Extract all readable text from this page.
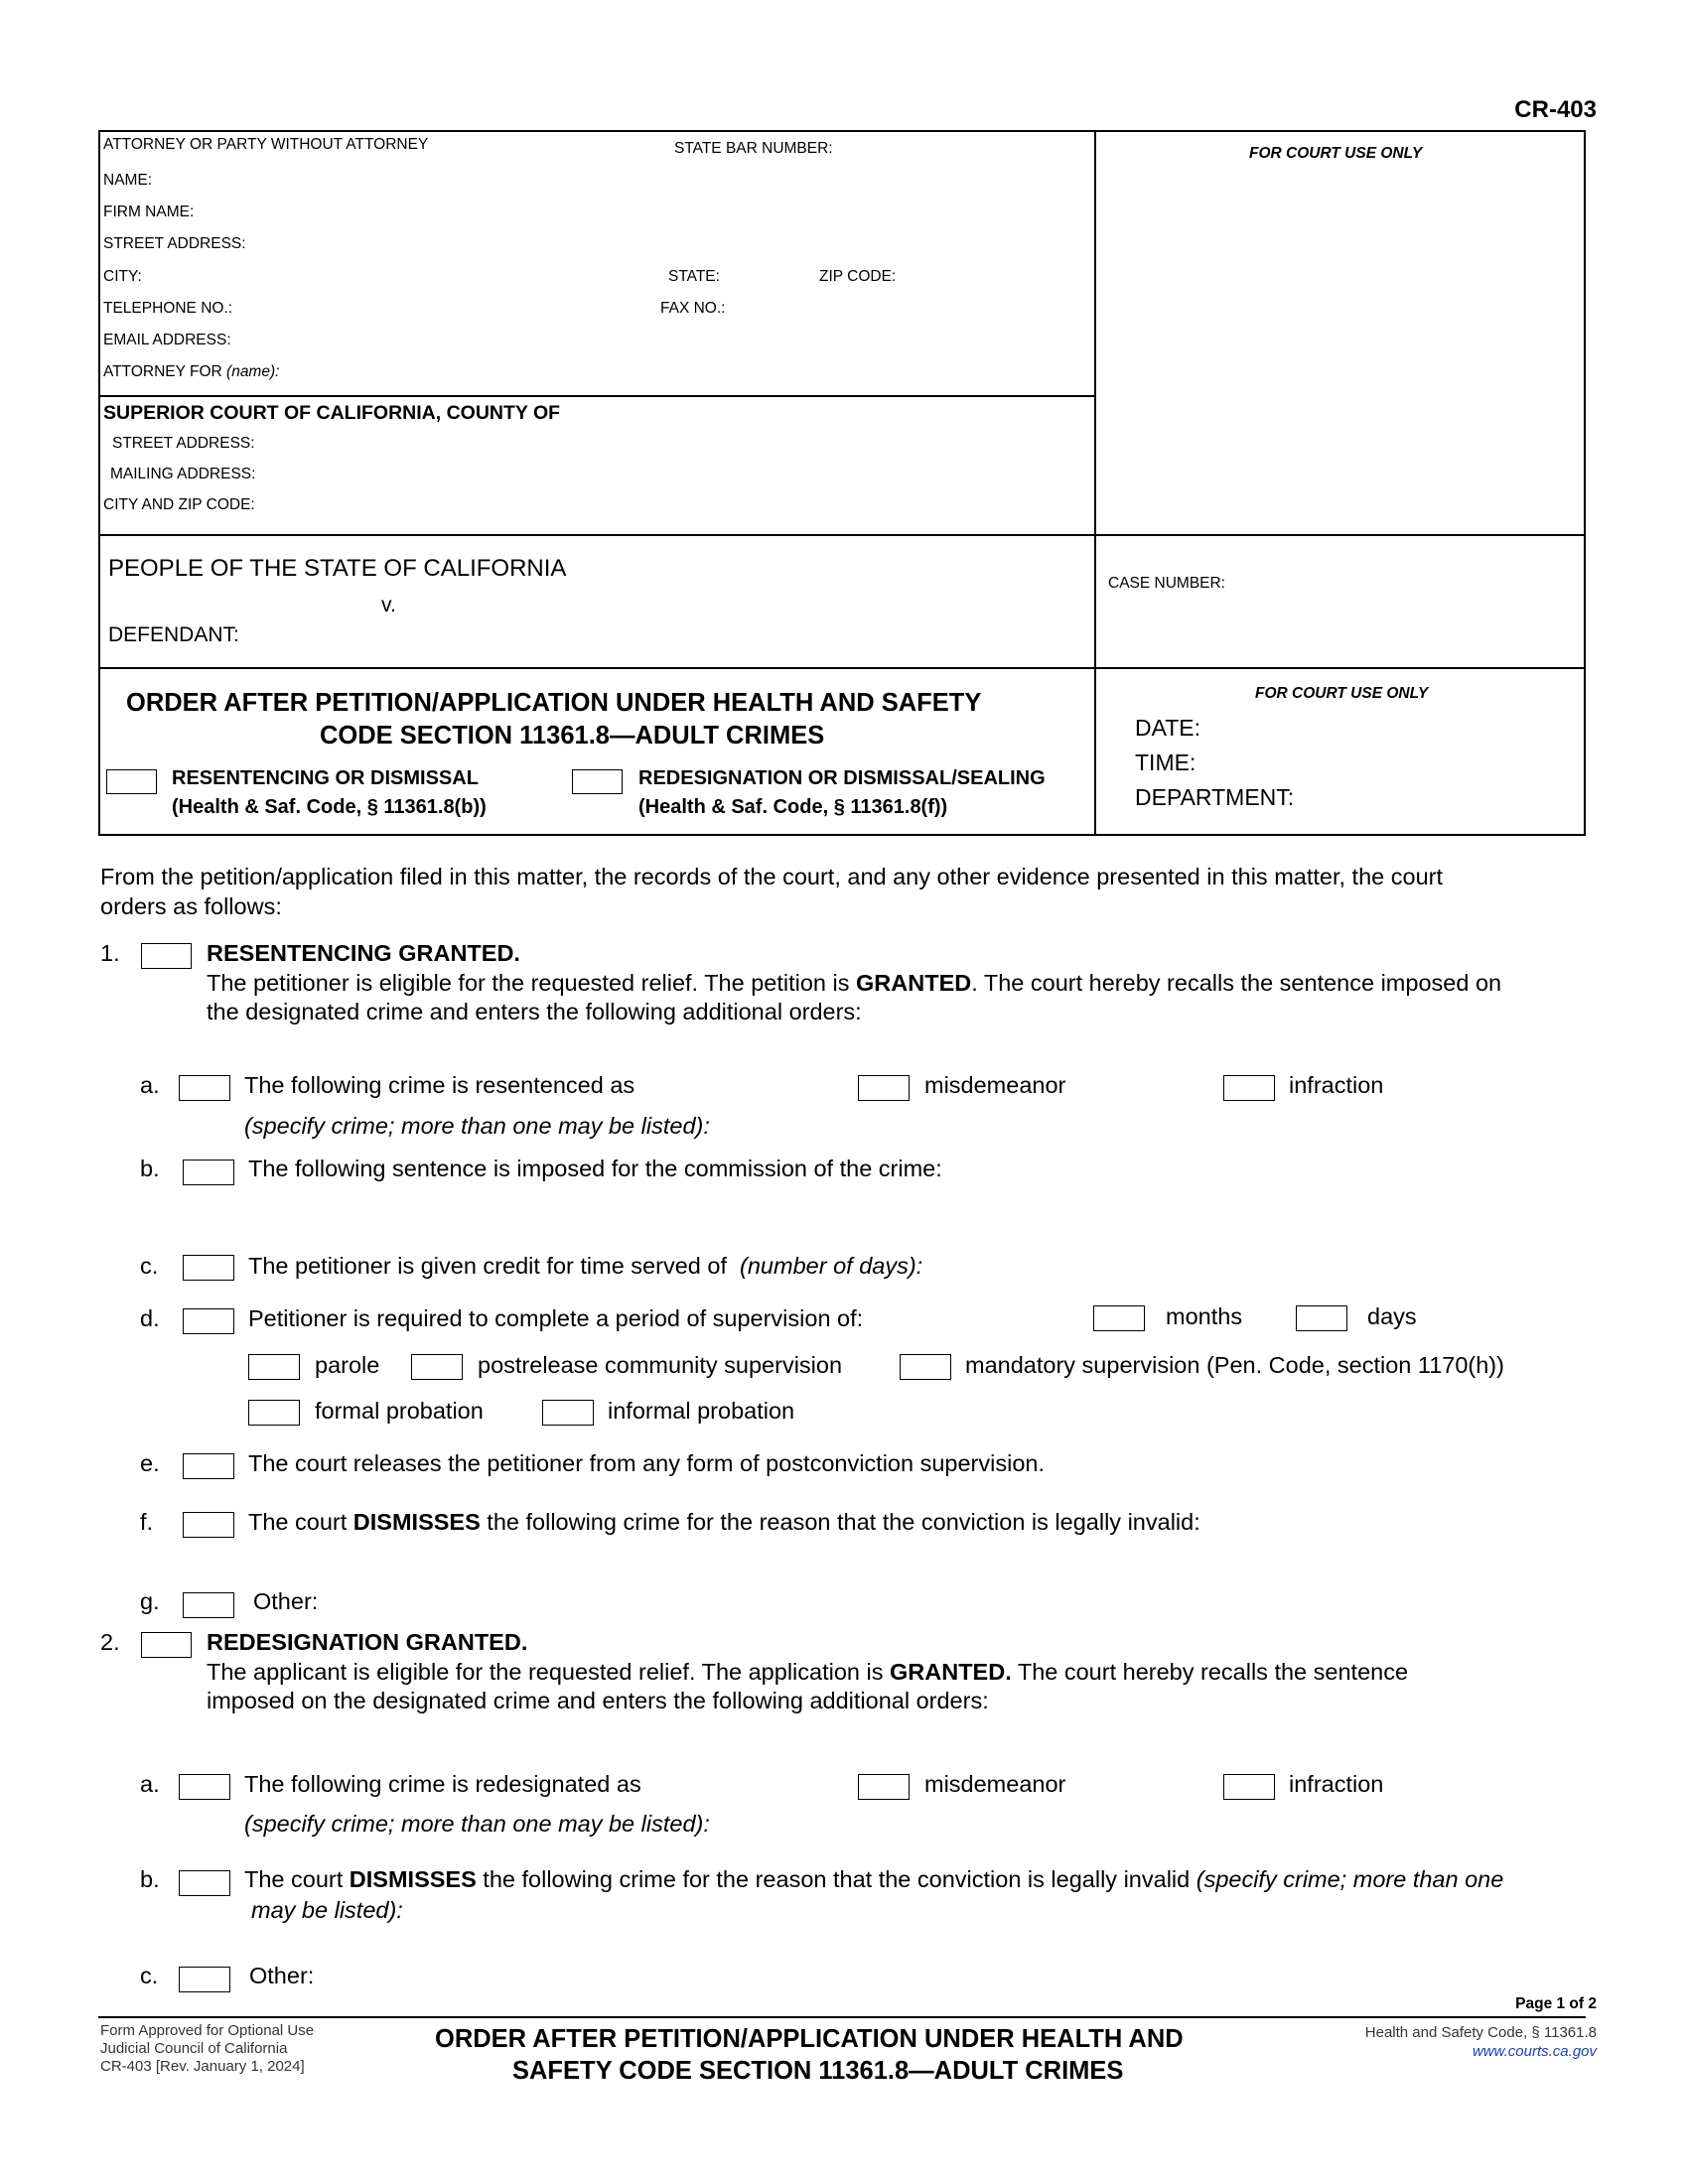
CR-403
ATTORNEY OR PARTY WITHOUT ATTORNEY	STATE BAR NUMBER:
NAME:
FIRM NAME:
STREET ADDRESS:
CITY:	STATE:	ZIP CODE:
TELEPHONE NO.:	FAX NO.:
EMAIL ADDRESS:
ATTORNEY FOR (name):
FOR COURT USE ONLY
SUPERIOR COURT OF CALIFORNIA, COUNTY OF
STREET ADDRESS:
MAILING ADDRESS:
CITY AND ZIP CODE:
PEOPLE OF THE STATE OF CALIFORNIA
v.
DEFENDANT:
CASE NUMBER:
ORDER AFTER PETITION/APPLICATION UNDER HEALTH AND SAFETY
CODE SECTION 11361.8—ADULT CRIMES
RESENTENCING OR DISMISSAL
(Health & Saf. Code, § 11361.8(b))
REDESIGNATION OR DISMISSAL/SEALING
(Health & Saf. Code, § 11361.8(f))
FOR COURT USE ONLY
DATE:
TIME:
DEPARTMENT:
From the petition/application filed in this matter, the records of the court, and any other evidence presented in this matter, the court
orders as follows:
1.	RESENTENCING GRANTED.
The petitioner is eligible for the requested relief. The petition is GRANTED. The court hereby recalls the sentence imposed on
the designated crime and enters the following additional orders:
a.	The following crime is resentenced as	misdemeanor	infraction
(specify crime; more than one may be listed):
b.	The following sentence is imposed for the commission of the crime:
c.	The petitioner is given credit for time served of (number of days):
d.	Petitioner is required to complete a period of supervision of:	months	days
parole	postrelease community supervision	mandatory supervision (Pen. Code, section 1170(h))
formal probation	informal probation
e.	The court releases the petitioner from any form of postconviction supervision.
f.	The court DISMISSES the following crime for the reason that the conviction is legally invalid:
g.	Other:
2.	REDESIGNATION GRANTED.
The applicant is eligible for the requested relief. The application is GRANTED. The court hereby recalls the sentence
imposed on the designated crime and enters the following additional orders:
a.	The following crime is redesignated as	misdemeanor	infraction
(specify crime; more than one may be listed):
b.	The court DISMISSES the following crime for the reason that the conviction is legally invalid (specify crime; more than one
may be listed):
c.	Other:
Page 1 of 2
Form Approved for Optional Use
Judicial Council of California
CR-403 [Rev. January 1, 2024]
ORDER AFTER PETITION/APPLICATION UNDER HEALTH AND
SAFETY CODE SECTION 11361.8—ADULT CRIMES
Health and Safety Code, § 11361.8
www.courts.ca.gov
